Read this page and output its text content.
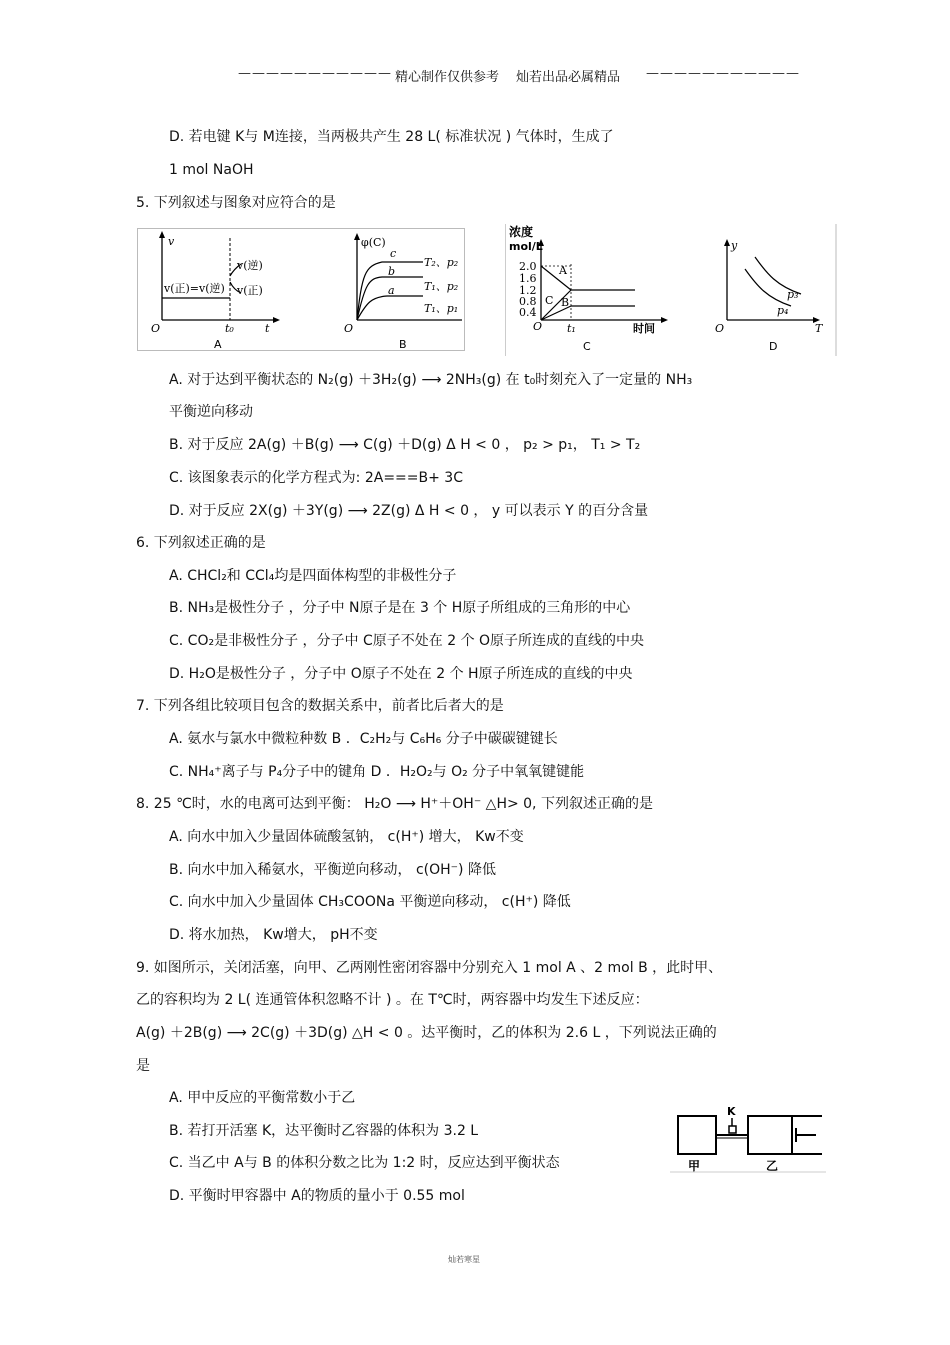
——————————— 精心制作仅供参考 灿若出品必属精品 ———————————
D. 若电键 K与 M连接，当两极共产生 28 L( 标准状况 ) 气体时，生成了
1 mol NaOH
5. 下列叙述与图象对应符合的是
v
t
O
v(正)=v(逆)
v(逆)
v(正)
t₀
A
φ(C)
O
c
b
a
T₂、p₂
T₁、p₂
T₁、p₁
B
浓度
mol/L
2.0
1.6
1.2
0.8
0.4
A
B
C
O t₁	时间
C
y
T
O
p₃
p₄
D
A. 对于达到平衡状态的 N₂(g) ＋3H₂(g) ⟶ 2NH₃(g) 在 t₀时刻充入了一定量的 NH₃
平衡逆向移动
B. 对于反应 2A(g) ＋B(g) ⟶ C(g) ＋D(g) Δ H < 0 ， p₂ > p₁， T₁ > T₂
C. 该图象表示的化学方程式为: 2A===B+ 3C
D. 对于反应 2X(g) ＋3Y(g) ⟶ 2Z(g) Δ H < 0 ， y 可以表示 Y 的百分含量
6. 下列叙述正确的是
A. CHCl₂和 CCl₄均是四面体构型的非极性分子
B. NH₃是极性分子 ，分子中 N原子是在 3 个 H原子所组成的三角形的中心
C. CO₂是非极性分子 ，分子中 C原子不处在 2 个 O原子所连成的直线的中央
D. H₂O是极性分子 ，分子中 O原子不处在 2 个 H原子所连成的直线的中央
7. 下列各组比较项目包含的数据关系中，前者比后者大的是
A. 氨水与氯水中微粒种数 B ．C₂H₂与 C₆H₆ 分子中碳碳键键长
C. NH₄⁺离子与 P₄分子中的键角 D ．H₂O₂与 O₂ 分子中氧氧键键能
8. 25 ℃时，水的电离可达到平衡： H₂O ⟶ H⁺＋OH⁻ △H> 0, 下列叙述正确的是
A. 向水中加入少量固体硫酸氢钠， c(H⁺) 增大， Kw不变
B. 向水中加入稀氨水，平衡逆向移动， c(OH⁻) 降低
C. 向水中加入少量固体 CH₃COONa 平衡逆向移动， c(H⁺) 降低
D. 将水加热， Kw增大， pH不变
9. 如图所示，关闭活塞，向甲、乙两刚性密闭容器中分别充入 1 mol A 、2 mol B ，此时甲、
乙的容积均为 2 L( 连通管体积忽略不计 ) 。在 T℃时，两容器中均发生下述反应：
A(g) ＋2B(g) ⟶ 2C(g) ＋3D(g) △H < 0 。达平衡时，乙的体积为 2.6 L ，下列说法正确的
是
A. 甲中反应的平衡常数小于乙
B. 若打开活塞 K，达平衡时乙容器的体积为 3.2 L
C. 当乙中 A与 B 的体积分数之比为 1:2 时，反应达到平衡状态
D. 平衡时甲容器中 A的物质的量小于 0.55 mol
K
甲	乙
灿若寒星
